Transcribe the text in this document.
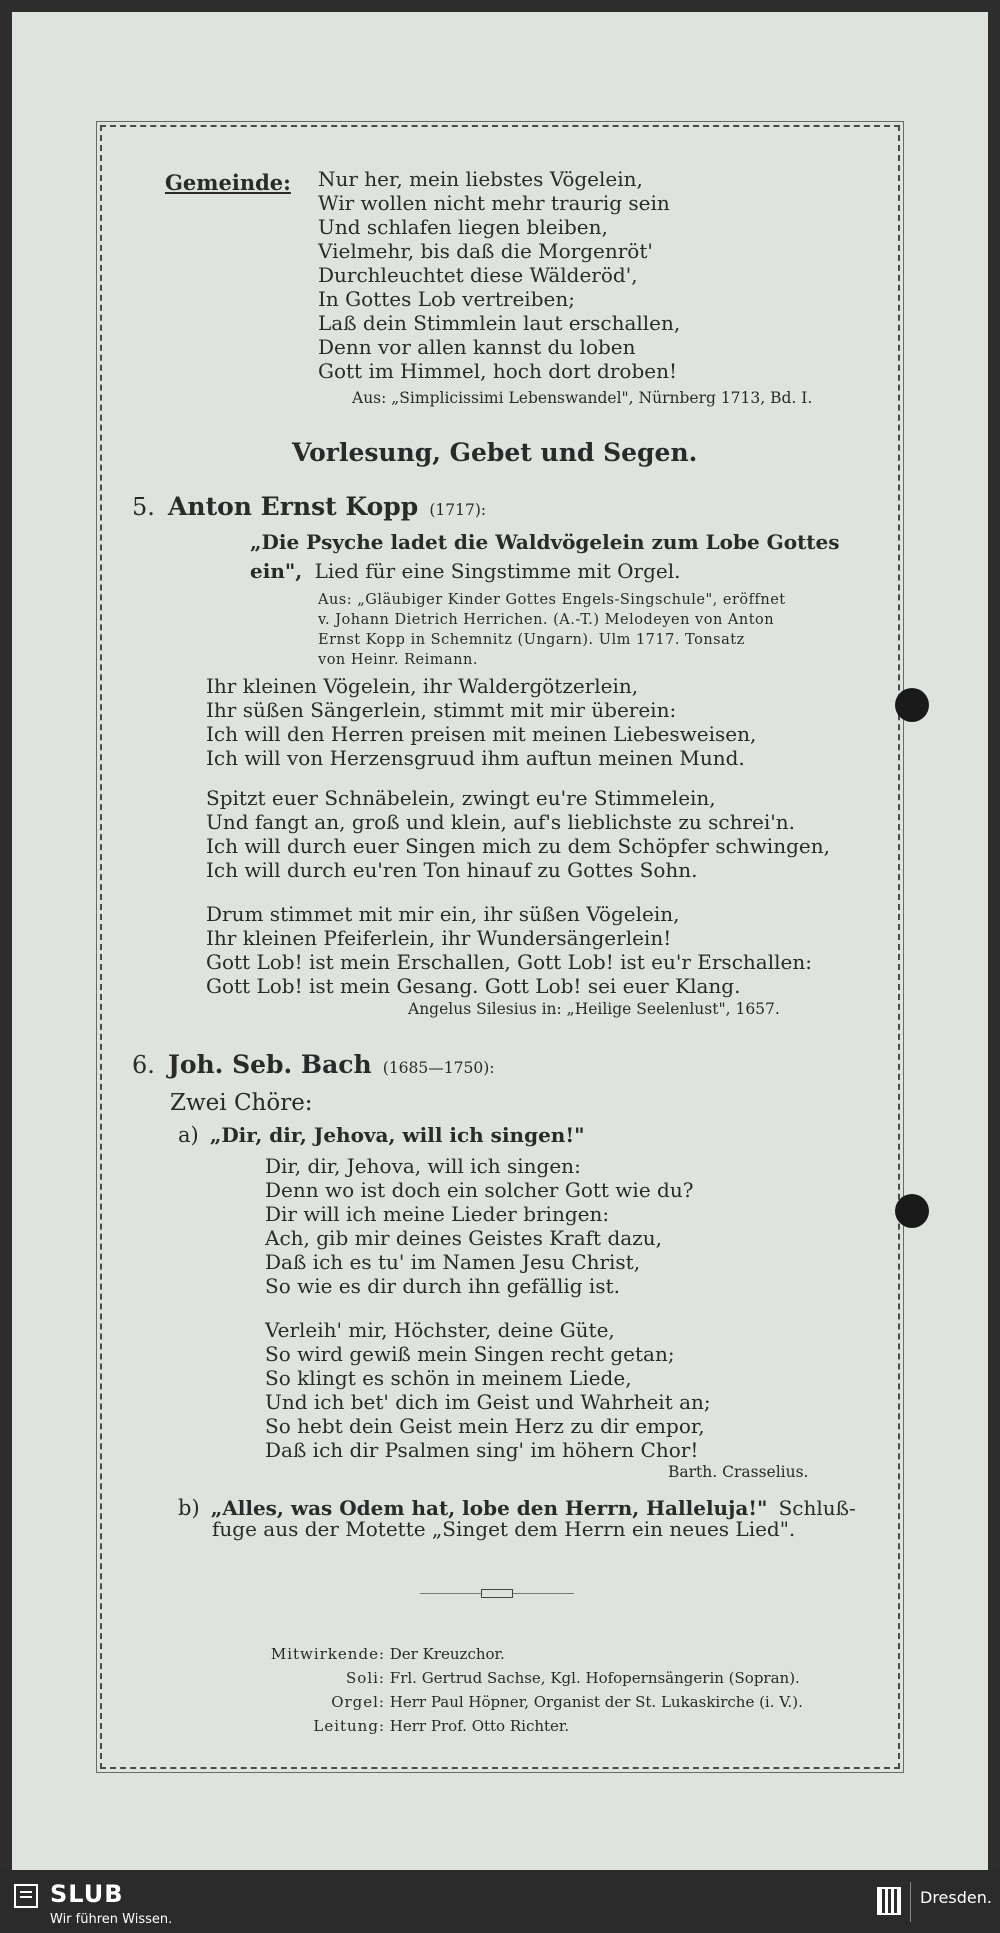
Gemeinde: Nur her, mein liebstes Vögelein,
Wir wollen nicht mehr traurig sein
Und schlafen liegen bleiben,
Vielmehr, bis daß die Morgenröt'
Durchleuchtet diese Wälderöd',
In Gottes Lob vertreiben;
Laß dein Stimmlein laut erschallen,
Denn vor allen kannst du loben
Gott im Himmel, hoch dort droben!
Aus: „Simplicissimi Lebenswandel", Nürnberg 1713, Bd. I.
Vorlesung, Gebet und Segen.
5. Anton Ernst Kopp (1717):
„Die Psyche ladet die Waldvögelein zum Lobe Gottes
ein", Lied für eine Singstimme mit Orgel.
Aus: „Gläubiger Kinder Gottes Engels-Singschule", eröffnet
v. Johann Dietrich Herrichen. (A.-T.) Melodeyen von Anton
Ernst Kopp in Schemnitz (Ungarn). Ulm 1717. Tonsatz
von Heinr. Reimann.
Ihr kleinen Vögelein, ihr Waldergötzerlein,
Ihr süßen Sängerlein, stimmt mit mir überein:
Ich will den Herren preisen mit meinen Liebesweisen,
Ich will von Herzensgruud ihm auftun meinen Mund.
Spitzt euer Schnäbelein, zwingt eu're Stimmelein,
Und fangt an, groß und klein, auf's lieblichste zu schrei'n.
Ich will durch euer Singen mich zu dem Schöpfer schwingen,
Ich will durch eu'ren Ton hinauf zu Gottes Sohn.
Drum stimmet mit mir ein, ihr süßen Vögelein,
Ihr kleinen Pfeiferlein, ihr Wundersängerlein!
Gott Lob! ist mein Erschallen, Gott Lob! ist eu'r Erschallen:
Gott Lob! ist mein Gesang. Gott Lob! sei euer Klang.
Angelus Silesius in: „Heilige Seelenlust", 1657.
6. Joh. Seb. Bach (1685—1750):
Zwei Chöre:
a) „Dir, dir, Jehova, will ich singen!"
Dir, dir, Jehova, will ich singen:
Denn wo ist doch ein solcher Gott wie du?
Dir will ich meine Lieder bringen:
Ach, gib mir deines Geistes Kraft dazu,
Daß ich es tu' im Namen Jesu Christ,
So wie es dir durch ihn gefällig ist.
Verleih' mir, Höchster, deine Güte,
So wird gewiß mein Singen recht getan;
So klingt es schön in meinem Liede,
Und ich bet' dich im Geist und Wahrheit an;
So hebt dein Geist mein Herz zu dir empor,
Daß ich dir Psalmen sing' im höhern Chor!
Barth. Crasselius.
b) „Alles, was Odem hat, lobe den Herrn, Halleluja!" Schluß-
fuge aus der Motette „Singet dem Herrn ein neues Lied".
Mitwirkende: Der Kreuzchor.
Soli: Frl. Gertrud Sachse, Kgl. Hofopernsängerin (Sopran).
Orgel: Herr Paul Höpner, Organist der St. Lukaskirche (i. V.).
Leitung: Herr Prof. Otto Richter.
SLUB
Wir führen Wissen.
Dresden.
